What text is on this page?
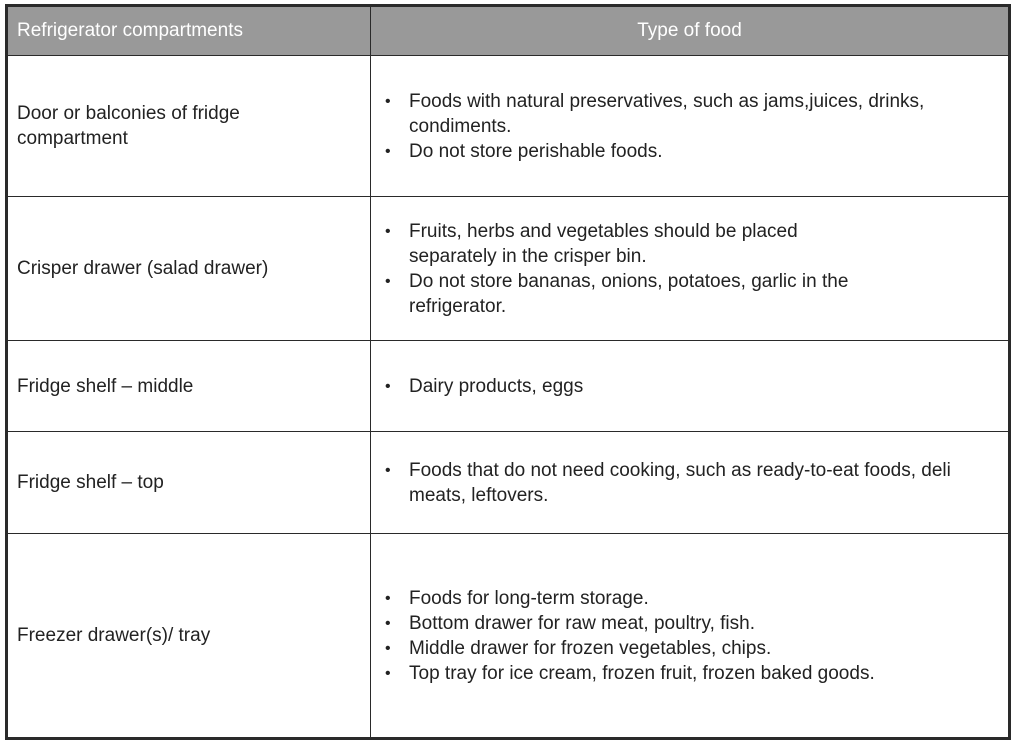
Refrigerator compartments	Type of food
Door or balconies of fridge compartment
• Foods with natural preservatives, such as jams,juices, drinks, condiments.
• Do not store perishable foods.
Crisper drawer (salad drawer)
• Fruits, herbs and vegetables should be placed separately in the crisper bin.
• Do not store bananas, onions, potatoes, garlic in the refrigerator.
Fridge shelf – middle	• Dairy products, eggs
Fridge shelf – top
• Foods that do not need cooking, such as ready-to-eat foods, deli meats, leftovers.
Freezer drawer(s)/ tray
• Foods for long-term storage.
• Bottom drawer for raw meat, poultry, fish.
• Middle drawer for frozen vegetables, chips.
• Top tray for ice cream, frozen fruit, frozen baked goods.
